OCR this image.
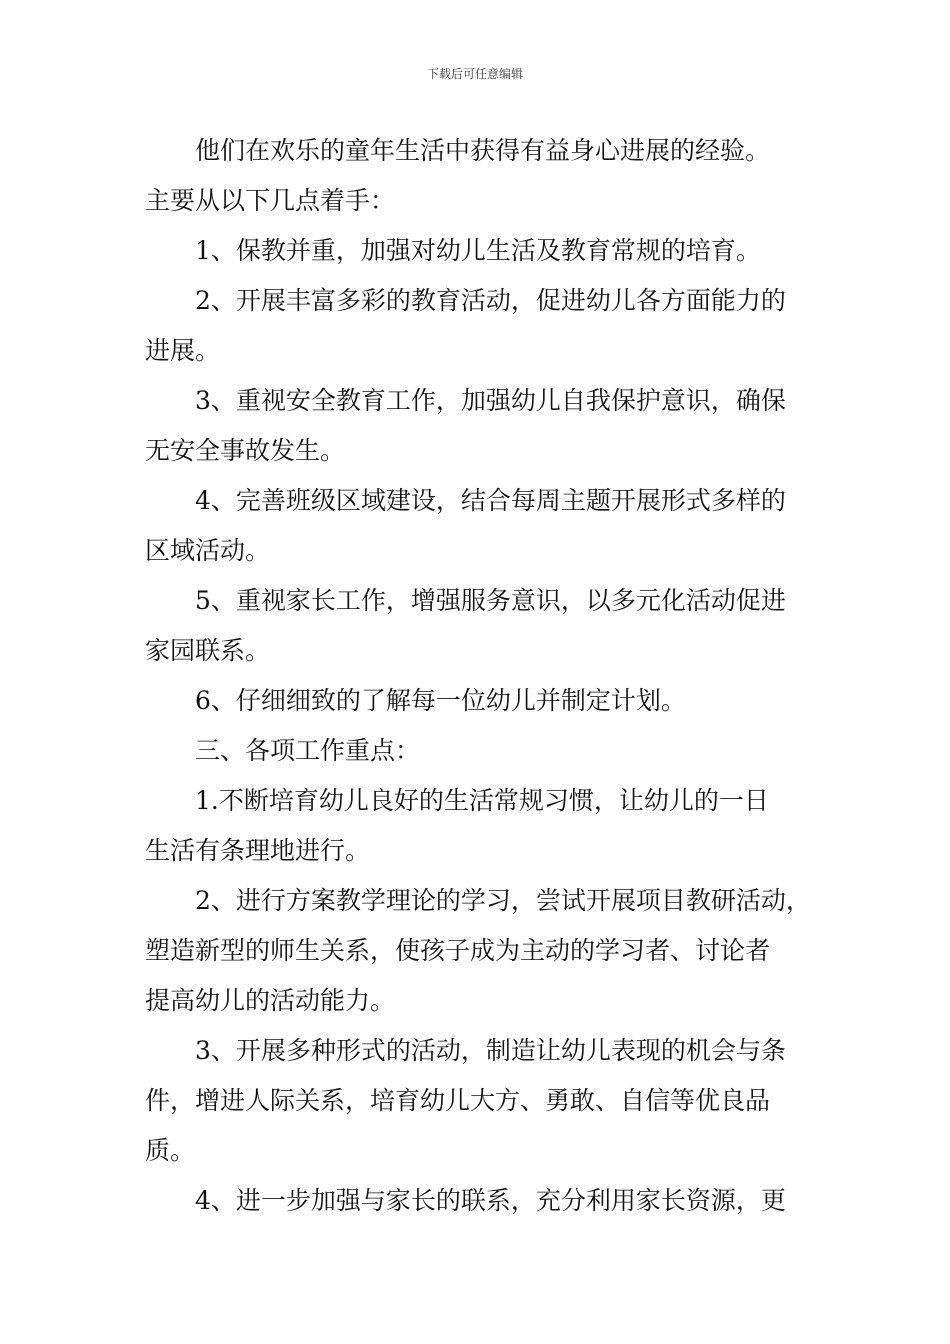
下载后可任意编辑

他们在欢乐的童年生活中获得有益身心进展的经验。

主要从以下几点着手：

1、保教并重，加强对幼儿生活及教育常规的培育。

2、开展丰富多彩的教育活动，促进幼儿各方面能力的

进展。

3、重视安全教育工作，加强幼儿自我保护意识，确保

无安全事故发生。

4、完善班级区域建设，结合每周主题开展形式多样的

区域活动。

5、重视家长工作，增强服务意识，以多元化活动促进

家园联系。

6、仔细细致的了解每一位幼儿并制定计划。

三、各项工作重点：

1.不断培育幼儿良好的生活常规习惯，让幼儿的一日

生活有条理地进行。

2、进行方案教学理论的学习，尝试开展项目教研活动，

塑造新型的师生关系，使孩子成为主动的学习者、讨论者

提高幼儿的活动能力。

3、开展多种形式的活动，制造让幼儿表现的机会与条

件，增进人际关系，培育幼儿大方、勇敢、自信等优良品

质。

4、进一步加强与家长的联系，充分利用家长资源，更
